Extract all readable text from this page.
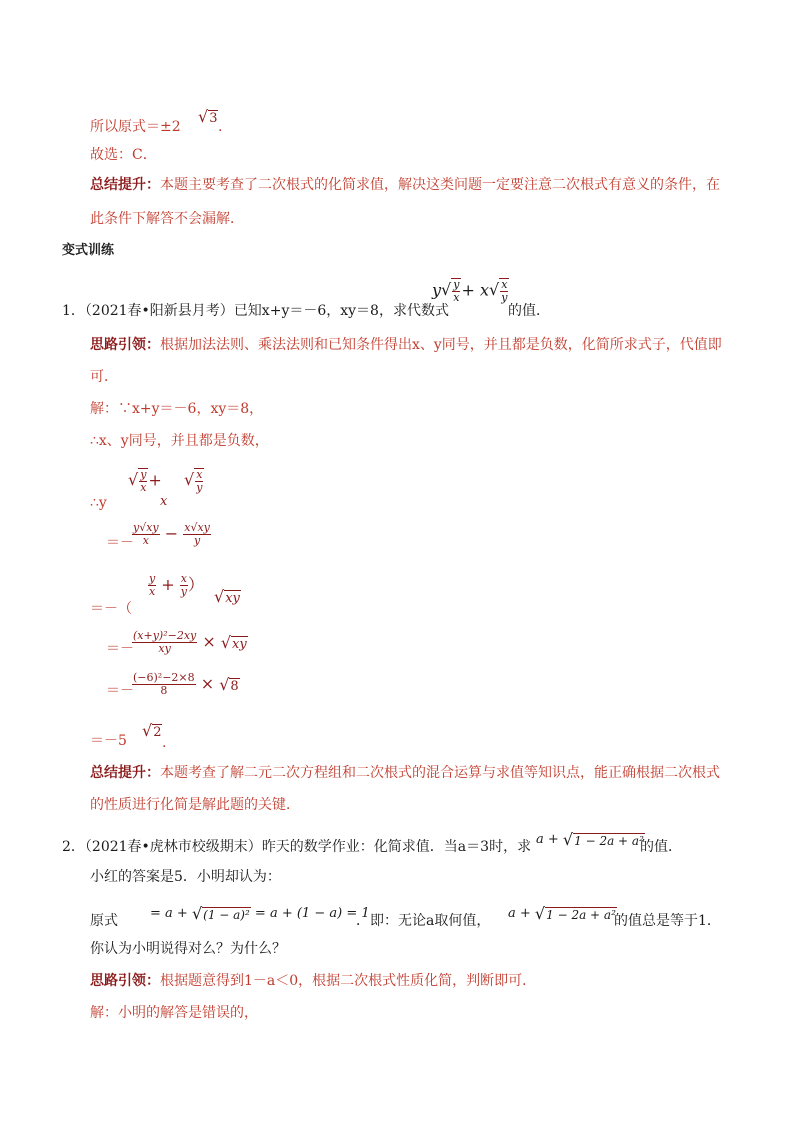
所以原式＝±2
√3
.
故选：C．
总结提升：本题主要考查了二次根式的化简求值，解决这类问题一定要注意二次根式有意义的条件，在
此条件下解答不会漏解．
变式训练
1．（2021春•阳新县月考）已知x+y＝－6，xy＝8，求代数式
$y√ \frac{y}{x} + x√ \frac{x}{y}$
的值．
思路引领：根据加法法则、乘法法则和已知条件得出x、y同号，并且都是负数，化简所求式子，代值即
可．
解：∵x+y＝－6，xy＝8，
∴x、y同号，并且都是负数，
∴y
√ $\frac{y}{x}$ +
x
√ $\frac{x}{y}$
＝－
$\frac{y√xy}{x} - \frac{x√xy}{y}$
＝－（
$\frac{y}{x} + \frac{x}{y}$ ）
√xy
＝－
$\frac{\text{(x+y)²−2xy}}{xy} \times √xy$
＝－
$\frac{\text{(−6)²−2×8}}{8} \times √8$
＝－5
√2
.
总结提升：本题考查了解二元二次方程组和二次根式的混合运算与求值等知识点，能正确根据二次根式
的性质进行化简是解此题的关键．
2．（2021春•虎林市校级期末）昨天的数学作业：化简求值．当a＝3时，求 a + √1 − 2a + a²
的值．
小红的答案是5．小明却认为：
原式 = a + √(1 − a)² = a + (1 − a) = 1
．即：无论a取何值， a + √1 − 2a + a²
的值总是等于1．
你认为小明说得对么？为什么？
思路引领：根据题意得到1－a＜0，根据二次根式性质化简，判断即可．
解：小明的解答是错误的，
